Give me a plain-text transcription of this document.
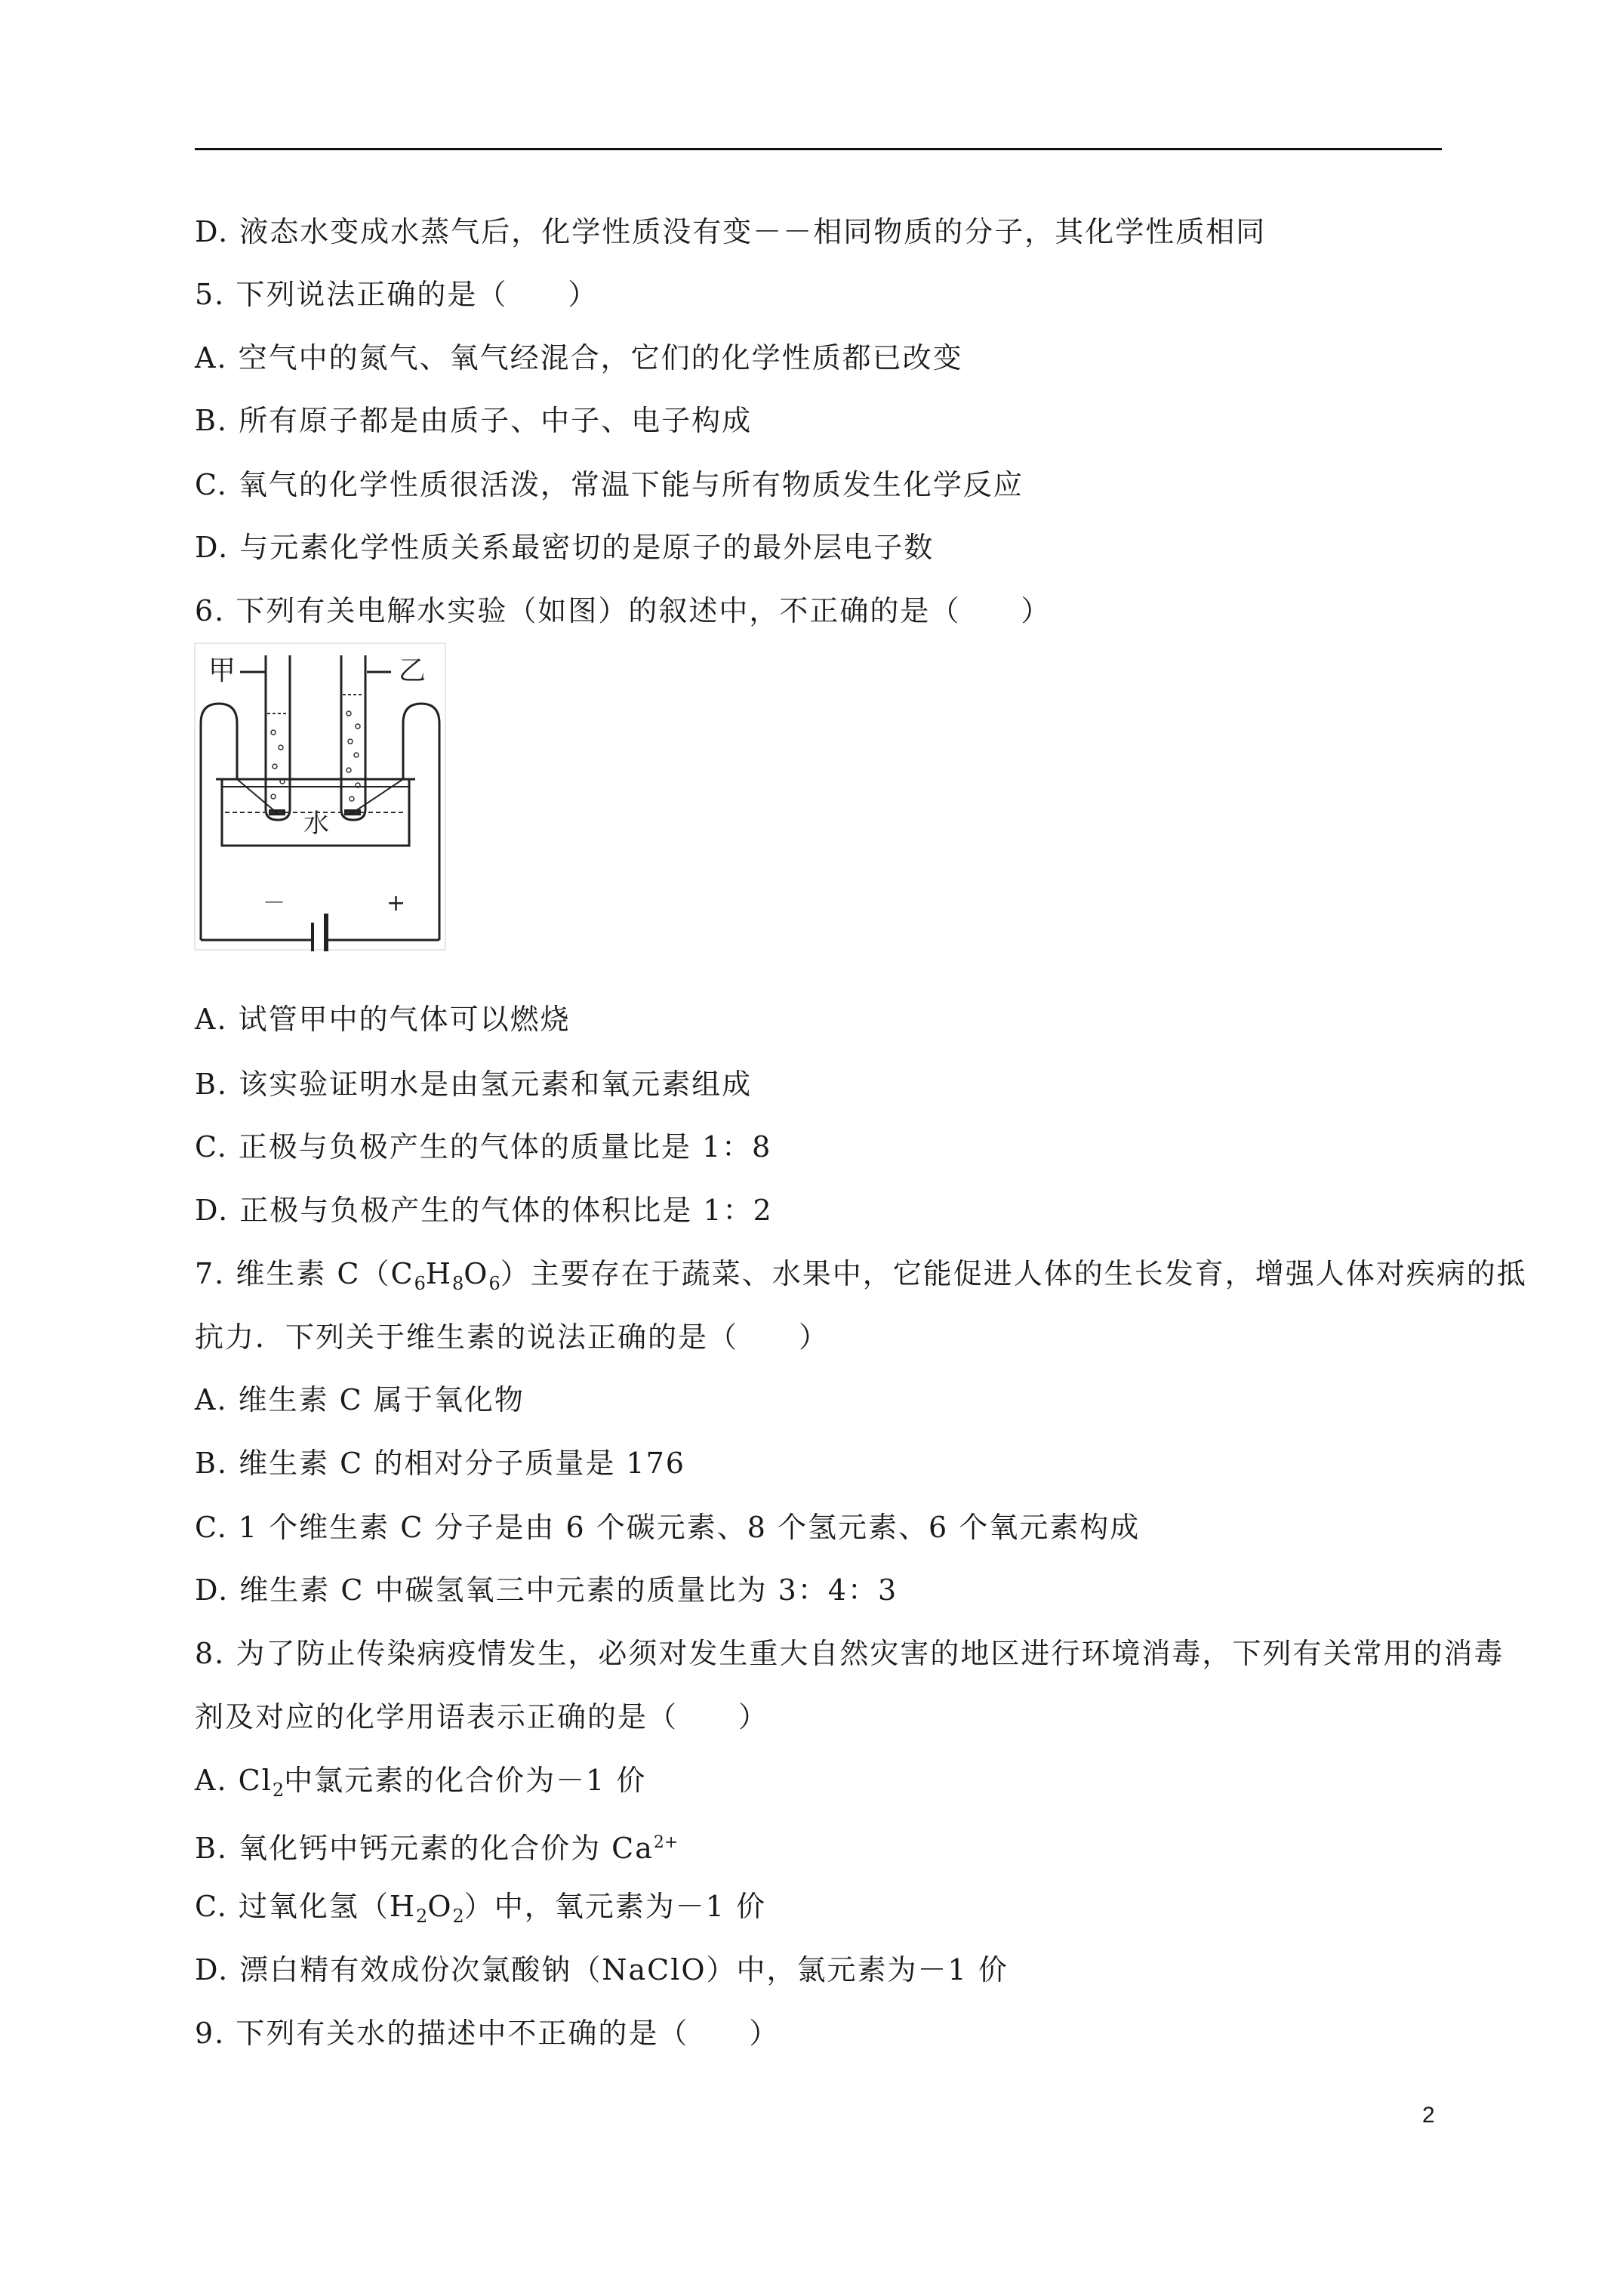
D. 液态水变成水蒸气后，化学性质没有变－－相同物质的分子，其化学性质相同
5. 下列说法正确的是（　　）
A. 空气中的氮气、氧气经混合，它们的化学性质都已改变
B. 所有原子都是由质子、中子、电子构成
C. 氧气的化学性质很活泼，常温下能与所有物质发生化学反应
D. 与元素化学性质关系最密切的是原子的最外层电子数
6. 下列有关电解水实验（如图）的叙述中，不正确的是（　　）
甲	乙
水
－	+
A. 试管甲中的气体可以燃烧
B. 该实验证明水是由氢元素和氧元素组成
C. 正极与负极产生的气体的质量比是 1：8
D. 正极与负极产生的气体的体积比是 1：2
7. 维生素 $C(C_6H_8O_6)$主要存在于蔬菜、水果中，它能促进人体的生长发育，增强人体对疾病的抵
抗力．下列关于维生素的说法正确的是（　　）
A. 维生素 C 属于氧化物
B. 维生素 C 的相对分子质量是 176
C. 1 个维生素 C 分子是由 6 个碳元素、8 个氢元素、6 个氧元素构成
D. 维生素 C 中碳氢氧三中元素的质量比为 3：4：3
8. 为了防止传染病疫情发生，必须对发生重大自然灾害的地区进行环境消毒，下列有关常用的消毒
剂及对应的化学用语表示正确的是（　　）
A. $Cl_2$中氯元素的化合价为－1 价
B. 氧化钙中钙元素的化合价为 $Ca^{2+}$
C. 过氧化氢$(H_2O_2)$中，氧元素为－1 价
D. 漂白精有效成份次氯酸钠（NaClO）中，氯元素为－1 价
9. 下列有关水的描述中不正确的是（　　）
2
